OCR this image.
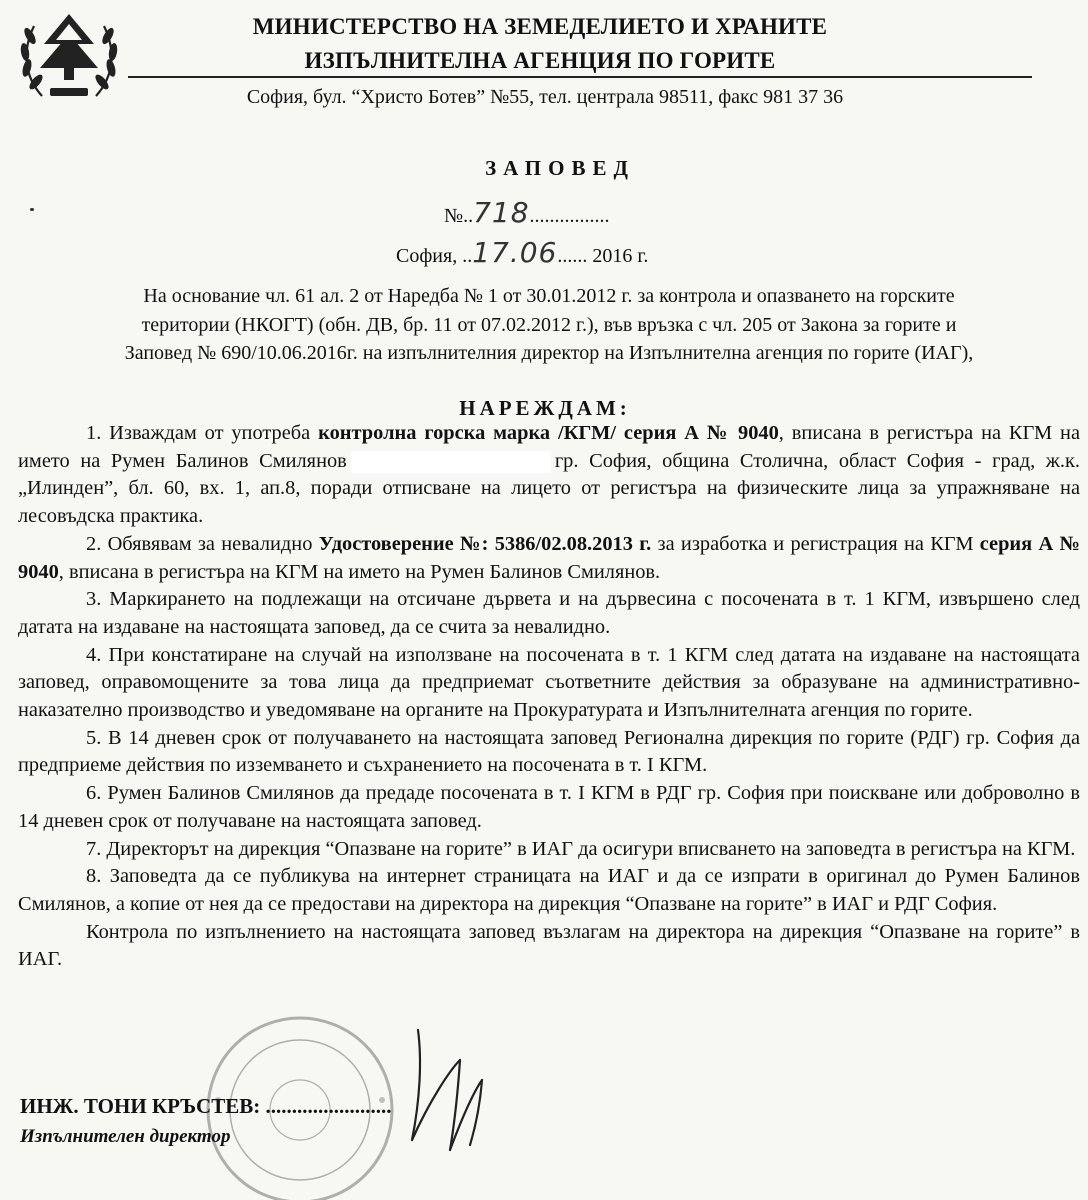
МИНИСТЕРСТВО НА ЗЕМЕДЕЛИЕТО И ХРАНИТЕ
ИЗПЪЛНИТЕЛНА АГЕНЦИЯ ПО ГОРИТЕ
София, бул. “Христо Ботев” №55, тел. централа 98511, факс 981 37 36
ЗАПОВЕД
№..718................
София, ..17.06...... 2016 г.
На основание чл. 61 ал. 2 от Наредба № 1 от 30.01.2012 г. за контрола и опазването на горските
територии (НКОГТ) (обн. ДВ, бр. 11 от 07.02.2012 г.), във връзка с чл. 205 от Закона за горите и
Заповед № 690/10.06.2016г. на изпълнителния директор на Изпълнителна агенция по горите (ИАГ),
НАРЕЖДАМ:

1. Изваждам от употреба контролна горска марка /КГМ/ серия А № 9040, вписана в регистъра на КГМ на името на Румен Балинов Смилянов	гр. София, община Столична, област София - град, ж.к. „Илинден”, бл. 60, вх. 1, ап.8, поради отписване на лицето от регистъра на физическите лица за упражняване на лесовъдска практика.

2. Обявявам за невалидно Удостоверение №: 5386/02.08.2013 г. за изработка и регистрация на КГМ серия А № 9040, вписана в регистъра на КГМ на името на Румен Балинов Смилянов.

3. Маркирането на подлежащи на отсичане дървета и на дървесина с посочената в т. 1 КГМ, извършено след датата на издаване на настоящата заповед, да се счита за невалидно.

4. При констатиране на случай на използване на посочената в т. 1 КГМ след датата на издаване на настоящата заповед, оправомощените за това лица да предприемат съответните действия за образуване на административно-наказателно производство и уведомяване на органите на Прокуратурата и Изпълнителната агенция по горите.

5. В 14 дневен срок от получаването на настоящата заповед Регионална дирекция по горите (РДГ) гр. София да предприеме действия по изземването и съхранението на посочената в т. I КГМ.

6. Румен Балинов Смилянов да предаде посочената в т. I КГМ в РДГ гр. София при поискване или доброволно в 14 дневен срок от получаване на настоящата заповед.

7. Директорът на дирекция “Опазване на горите” в ИАГ да осигури вписването на заповедта в регистъра на КГМ.

8. Заповедта да се публикува на интернет страницата на ИАГ и да се изпрати в оригинал до Румен Балинов Смилянов, а копие от нея да се предостави на директора на дирекция “Опазване на горите” в ИАГ и РДГ София.

Контрола по изпълнението на настоящата заповед възлагам на директора на дирекция “Опазване на горите” в ИАГ.

ИНЖ. ТОНИ КРЪСТЕВ: ........................
Изпълнителен директор
